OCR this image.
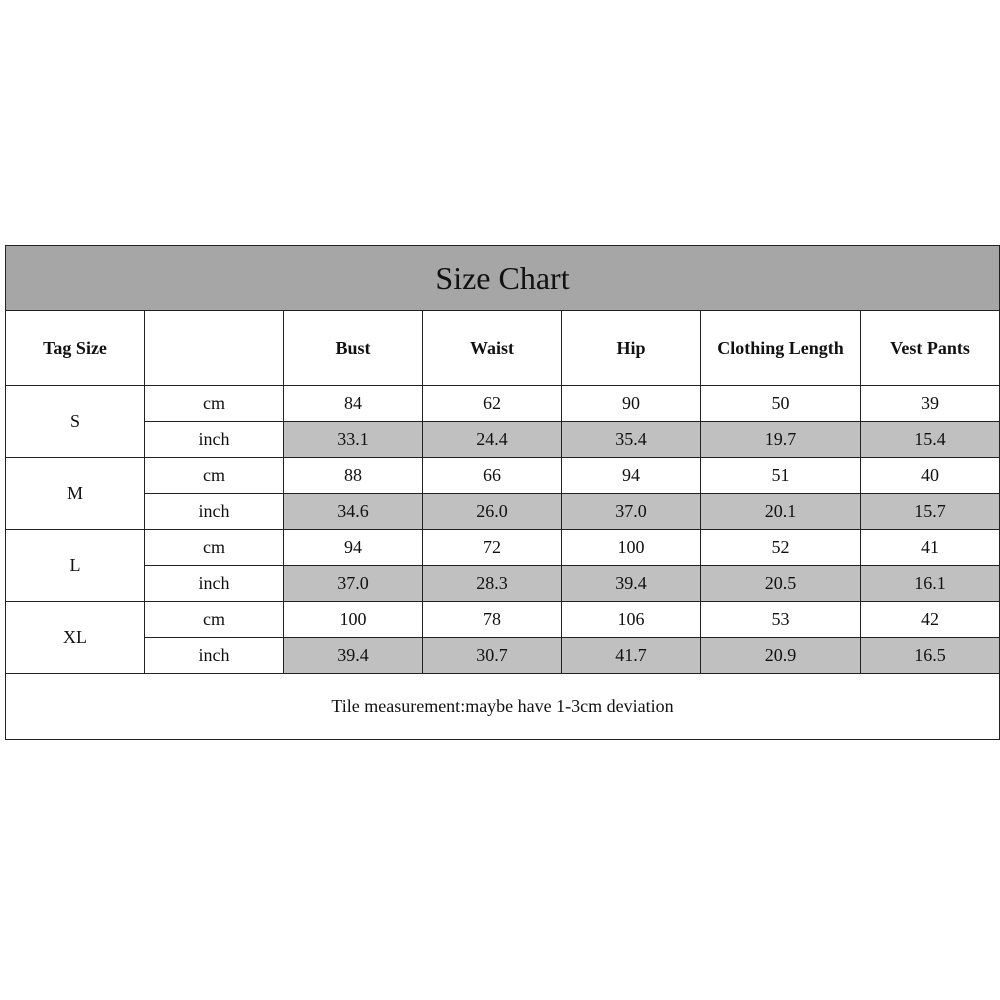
Size Chart						
Tag Size		Bust	Waist	Hip	Clothing Length	Vest Pants
S	cm	84	62	90	50	39
	inch	33.1	24.4	35.4	19.7	15.4
M	cm	88	66	94	51	40
	inch	34.6	26.0	37.0	20.1	15.7
L	cm	94	72	100	52	41
	inch	37.0	28.3	39.4	20.5	16.1
XL	cm	100	78	106	53	42
	inch	39.4	30.7	41.7	20.9	16.5
Tile measurement:maybe have 1-3cm deviation						
